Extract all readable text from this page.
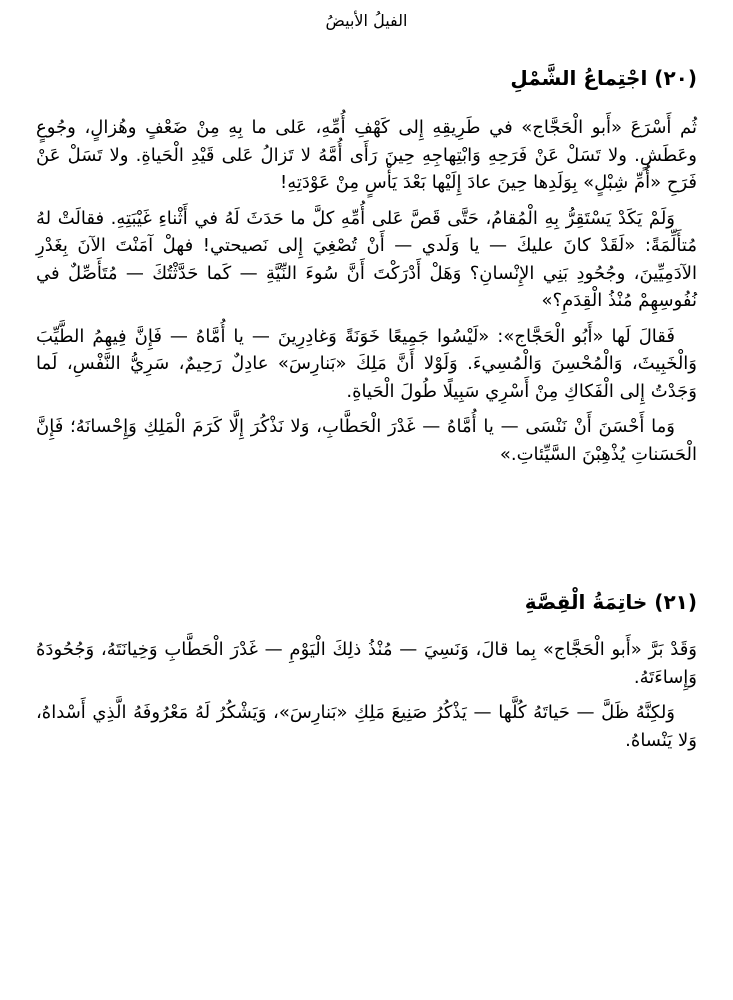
الفيلُ الأبيضُ
(٢٠) اجْتِماعُ الشَّمْلِ

ثُم أَسْرَعَ «أَبو الْحَجَّاج» في طَرِيقِهِ إِلى كَهْفِ أُمِّهِ، عَلى ما بِهِ مِنْ ضَعْفٍ وهُزالٍ، وجُوعٍ وعَطَشٍ. ولا تَسَلْ عَنْ فَرَحِهِ وَابْتِهاجِهِ حِينَ رَأَى أُمَّهُ لا تَزالُ عَلى قَيْدِ الْحَياةِ. ولا تَسَلْ عَنْ فَرَحِ «أُمِّ شِبْلٍ» بِوَلَدِها حِينَ عادَ إِلَيْها بَعْدَ يَأْسٍ مِنْ عَوْدَتِهِ!

وَلَمْ يَكَدْ يَسْتَقِرُّ بِهِ الْمُقامُ، حَتَّى قَصَّ عَلى أُمِّهِ كلَّ ما حَدَثَ لَهُ في أَثْناءِ غَيْبَتِهِ. فقالَتْ لهُ مُتأَلِّمَةً: «لَقَدْ كانَ عليكَ — يا وَلَدي — أَنْ تُصْغِيَ إِلى نَصيحتي! فهلْ آمَنْتَ الآنَ بِغَدْرِ الآدَمِيِّينَ، وجُحُودِ بَنِي الإِنْسانِ؟ وَهَلْ أَدْرَكْتَ أَنَّ سُوءَ النِّيَّةِ — كَما حَدَّثْتُكَ — مُتَأَصِّلٌ في نُفُوسِهِمْ مُنْذُ الْقِدَمِ؟»

فَقالَ لَها «أَبُو الْحَجَّاج»: «لَيْسُوا جَمِيعًا خَوَنَةً وَغادِرِينَ — يا أُمَّاهُ — فَإِنَّ فِيهِمُ الطَّيِّبَ وَالْخَبِيثَ، وَالْمُحْسِنَ وَالْمُسِيءَ. وَلَوْلا أَنَّ مَلِكَ «بَنارِسَ» عادِلٌ رَحِيمٌ، سَرِيُّ النَّفْسِ، لَما وَجَدْتُ إِلى الْفَكاكِ مِنْ أَسْرِي سَبِيلًا طُولَ الْحَياةِ.

وَما أَحْسَنَ أَنْ نَنْسَى — يا أُمَّاهُ — غَدْرَ الْحَطَّابِ، وَلا نَذْكُرَ إِلَّا كَرَمَ الْمَلِكِ وَإِحْسانَهُ؛ فَإِنَّ الْحَسَناتِ يُذْهِبْنَ السَّيِّئاتِ.»

(٢١) خاتِمَةُ الْقِصَّةِ

وَقَدْ بَرَّ «أَبو الْحَجَّاج» بِما قالَ، وَنَسِيَ — مُنْذُ ذلِكَ الْيَوْمِ — غَدْرَ الْحَطَّابِ وَخِيانَتَهُ، وَجُحُودَهُ وَإِساءَتَهُ.

وَلكِنَّهُ ظَلَّ — حَياتَهُ كُلَّها — يَذْكُرُ صَنِيعَ مَلِكِ «بَنارِسَ»، وَيَشْكُرُ لَهُ مَعْرُوفَهُ الَّذِي أَسْداهُ، وَلا يَنْساهُ.
